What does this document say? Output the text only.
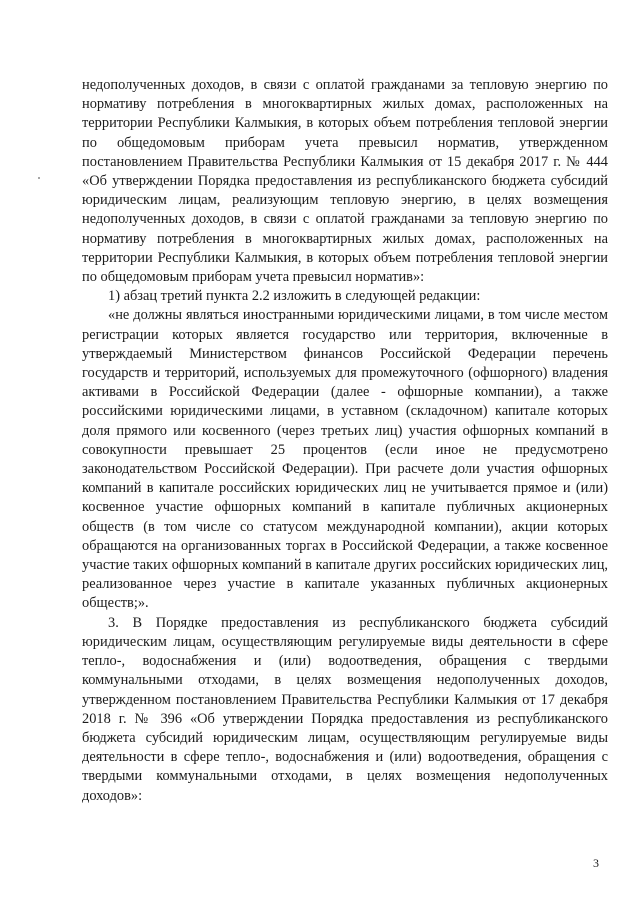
недополученных доходов, в связи с оплатой гражданами за тепловую энергию по нормативу потребления в многоквартирных жилых домах, расположенных на территории Республики Калмыкия, в которых объем потребления тепловой энергии по общедомовым приборам учета превысил норматив, утвержденном постановлением Правительства Республики Калмыкия от 15 декабря 2017 г. № 444 «Об утверждении Порядка предоставления из республиканского бюджета субсидий юридическим лицам, реализующим тепловую энергию, в целях возмещения недополученных доходов, в связи с оплатой гражданами за тепловую энергию по нормативу потребления в многоквартирных жилых домах, расположенных на территории Республики Калмыкия, в которых объем потребления тепловой энергии по общедомовым приборам учета превысил норматив»:

1) абзац третий пункта 2.2 изложить в следующей редакции:

«не должны являться иностранными юридическими лицами, в том числе местом регистрации которых является государство или территория, включенные в утверждаемый Министерством финансов Российской Федерации перечень государств и территорий, используемых для промежуточного (офшорного) владения активами в Российской Федерации (далее - офшорные компании), а также российскими юридическими лицами, в уставном (складочном) капитале которых доля прямого или косвенного (через третьих лиц) участия офшорных компаний в совокупности превышает 25 процентов (если иное не предусмотрено законодательством Российской Федерации). При расчете доли участия офшорных компаний в капитале российских юридических лиц не учитывается прямое и (или) косвенное участие офшорных компаний в капитале публичных акционерных обществ (в том числе со статусом международной компании), акции которых обращаются на организованных торгах в Российской Федерации, а также косвенное участие таких офшорных компаний в капитале других российских юридических лиц, реализованное через участие в капитале указанных публичных акционерных обществ;».

3. В Порядке предоставления из республиканского бюджета субсидий юридическим лицам, осуществляющим регулируемые виды деятельности в сфере тепло-, водоснабжения и (или) водоотведения, обращения с твердыми коммунальными отходами, в целях возмещения недополученных доходов, утвержденном постановлением Правительства Республики Калмыкия от 17 декабря 2018 г. № 396 «Об утверждении Порядка предоставления из республиканского бюджета субсидий юридическим лицам, осуществляющим регулируемые виды деятельности в сфере тепло-, водоснабжения и (или) водоотведения, обращения с твердыми коммунальными отходами, в целях возмещения недополученных доходов»:

3
